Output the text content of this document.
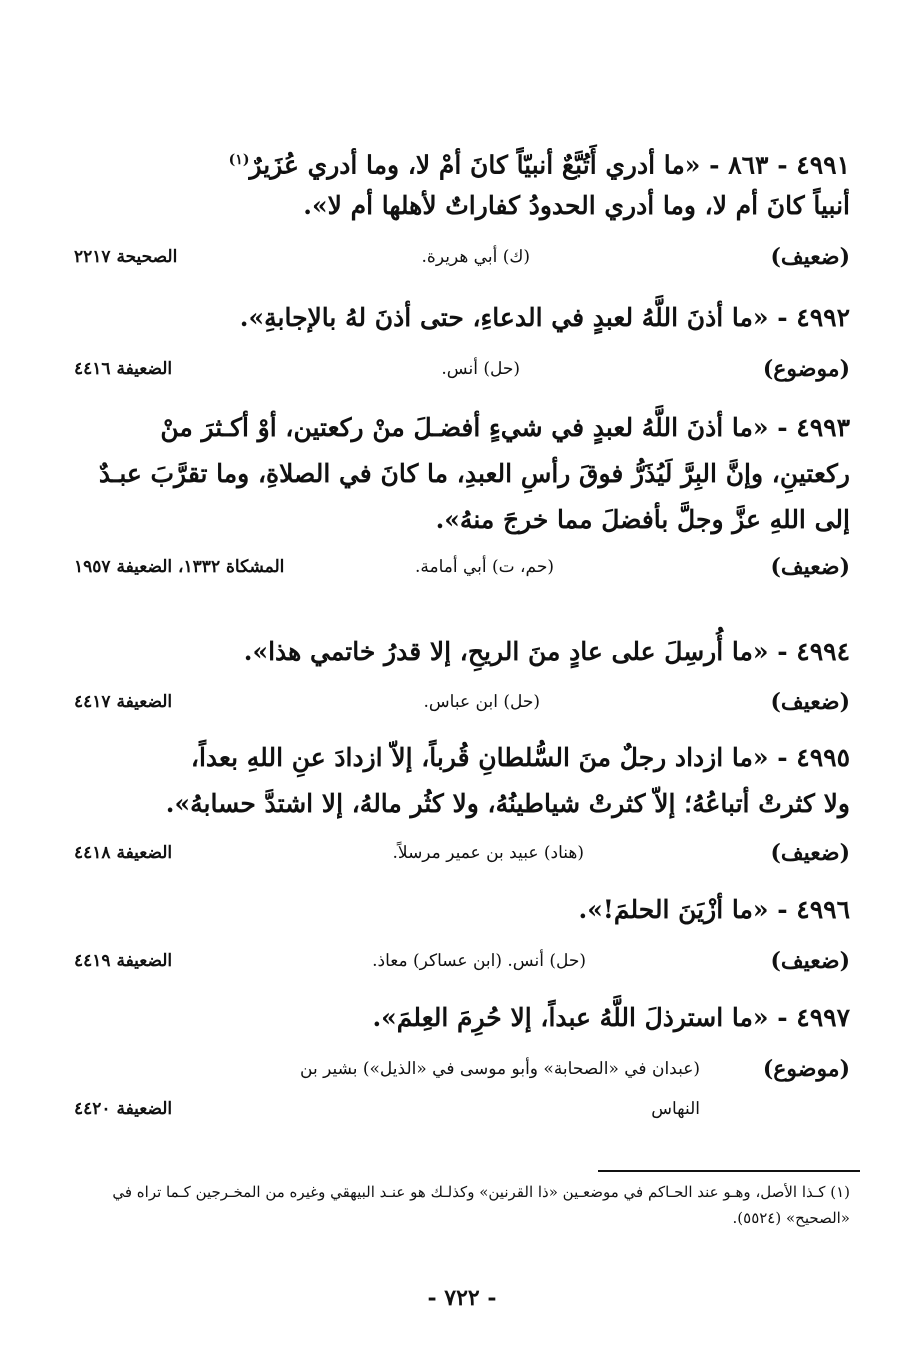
٤٩٩١ - ٨٦٣ - «ما أدري أَتُبَّعٌ أنبيّاً كانَ أمْ لا، وما أدري عُزَيرٌ$^{(١)}$
أنبياً كانَ أم لا، وما أدري الحدودُ كفاراتٌ لأهلها أم لا».
(ضعيف)
(ك) أبي هريرة.
الصحيحة ٢٢١٧
٤٩٩٢ - «ما أذنَ اللَّهُ لعبدٍ في الدعاءِ، حتى أذنَ لهُ بالإجابةِ».
(موضوع)
(حل) أنس.
الضعيفة ٤٤١٦
٤٩٩٣ - «ما أذنَ اللَّهُ لعبدٍ في شيءٍ أفضـلَ منْ ركعتين، أوْ أكـثرَ منْ
ركعتينِ، وإنَّ البِرَّ لَيُذَرُّ فوقَ رأسِ العبدِ، ما كانَ في الصلاةِ، وما تقرَّبَ عبـدٌ
إلى اللهِ عزَّ وجلَّ بأفضلَ مما خرجَ منهُ».
(ضعيف)
(حم، ت) أبي أمامة.
المشكاة ١٣٣٢، الضعيفة ١٩٥٧
٤٩٩٤ - «ما أُرسِلَ على عادٍ منَ الريحِ، إلا قدرُ خاتمي هذا».
(ضعيف)
(حل) ابن عباس.
الضعيفة ٤٤١٧
٤٩٩٥ - «ما ازداد رجلٌ منَ السُّلطانِ قُرباً، إلاّ ازدادَ عنِ اللهِ بعداً،
ولا كثرتْ أتباعُهُ؛ إلاّ كثرتْ شياطينُهُ، ولا كثُر مالهُ، إلا اشتدَّ حسابهُ».
(ضعيف)
(هناد) عبيد بن عمير مرسلاً.
الضعيفة ٤٤١٨
٤٩٩٦ - «ما أزْيَنَ الحلمَ!».
(ضعيف)
(حل) أنس. (ابن عساكر) معاذ.
الضعيفة ٤٤١٩
٤٩٩٧ - «ما استرذلَ اللَّهُ عبداً، إلا حُرِمَ العِلمَ».
(موضوع)
(عبدان في «الصحابة» وأبو موسى في «الذيل») بشير بن
النهاس
الضعيفة ٤٤٢٠
(١) كـذا الأصل، وهـو عند الحـاكم في موضعـين «ذا القرنين» وكذلـك هو عنـد البيهقي وغيره من المخـرجين كـما تراه في
«الصحيح» (٥٥٢٤).
- ٧٢٢ -
